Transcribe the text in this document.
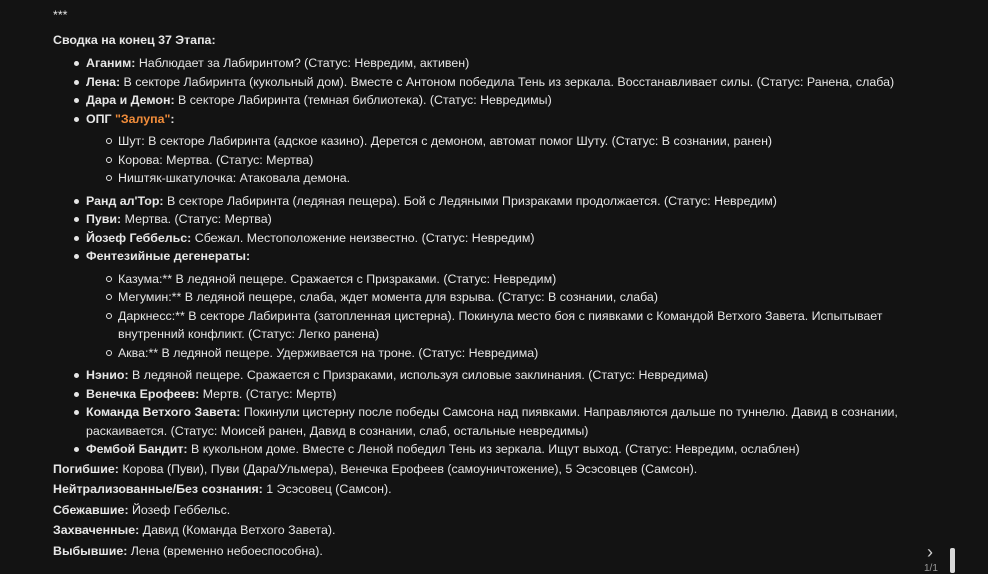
***

Сводка на конец 37 Этапа:

Аганим: Наблюдает за Лабиринтом? (Статус: Невредим, активен)
Лена: В секторе Лабиринта (кукольный дом). Вместе с Антоном победила Тень из зеркала. Восстанавливает силы. (Статус: Ранена, слаба)
Дара и Демон: В секторе Лабиринта (темная библиотека). (Статус: Невредимы)
ОПГ "Залупа":
Шут: В секторе Лабиринта (адское казино). Дерется с демоном, автомат помог Шуту. (Статус: В сознании, ранен)
Корова: Мертва. (Статус: Мертва)
Ништяк-шкатулочка: Атаковала демона.
Ранд ал'Тор: В секторе Лабиринта (ледяная пещера). Бой с Ледяными Призраками продолжается. (Статус: Невредим)
Пуви: Мертва. (Статус: Мертва)
Йозеф Геббельс: Сбежал. Местоположение неизвестно. (Статус: Невредим)
Фентезийные дегенераты:
Казума:** В ледяной пещере. Сражается с Призраками. (Статус: Невредим)
Мегумин:** В ледяной пещере, слаба, ждет момента для взрыва. (Статус: В сознании, слаба)
Даркнесс:** В секторе Лабиринта (затопленная цистерна). Покинула место боя с пиявками с Командой Ветхого Завета. Испытывает внутренний конфликт. (Статус: Легко ранена)
Аква:** В ледяной пещере. Удерживается на троне. (Статус: Невредима)
Нэнио: В ледяной пещере. Сражается с Призраками, используя силовые заклинания. (Статус: Невредима)
Венечка Ерофеев: Мертв. (Статус: Мертв)
Команда Ветхого Завета: Покинули цистерну после победы Самсона над пиявками. Направляются дальше по туннелю. Давид в сознании, раскаивается. (Статус: Моисей ранен, Давид в сознании, слаб, остальные невредимы)
Фембой Бандит: В кукольном доме. Вместе с Леной победил Тень из зеркала. Ищут выход. (Статус: Невредим, ослаблен)

Погибшие: Корова (Пуви), Пуви (Дара/Ульмера), Венечка Ерофеев (самоуничтожение), 5 Эсэсовцев (Самсон).

Нейтрализованные/Без сознания: 1 Эсэсовец (Самсон).

Сбежавшие: Йозеф Геббельс.

Захваченные: Давид (Команда Ветхого Завета).

Выбывшие: Лена (временно небоеспособна).	›
1/1
